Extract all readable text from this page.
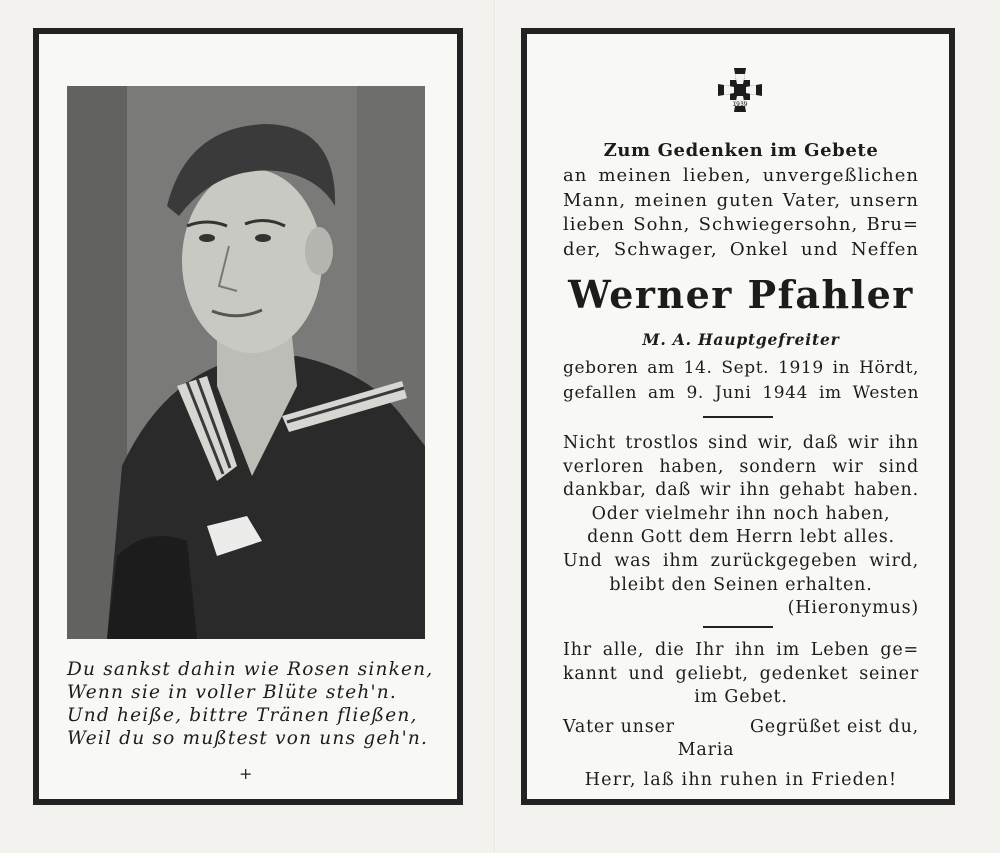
Du sankst dahin wie Rosen sinken,
Wenn sie in voller Blüte steh'n.
Und heiße, bittre Tränen fließen,
Weil du so mußtest von uns geh'n.
+
1939
Zum Gedenken im Gebete
an meinen lieben, unvergeßlichen
Mann, meinen guten Vater, unsern
lieben Sohn, Schwiegersohn, Bru=
der, Schwager, Onkel und Neffen
Werner Pfahler
M. A. Hauptgefreiter
geboren am 14. Sept. 1919 in Hördt,
gefallen am 9. Juni 1944 im Westen
Nicht trostlos sind wir, daß wir ihn
verloren haben, sondern wir sind
dankbar, daß wir ihn gehabt haben.
Oder vielmehr ihn noch haben,
denn Gott dem Herrn lebt alles.
Und was ihm zurückgegeben wird,
bleibt den Seinen erhalten.
(Hieronymus)
Ihr alle, die Ihr ihn im Leben ge=
kannt und geliebt, gedenket seiner
im Gebet.
Vater unser	Gegrüßet eist du,
Maria
Herr, laß ihn ruhen in Frieden!
